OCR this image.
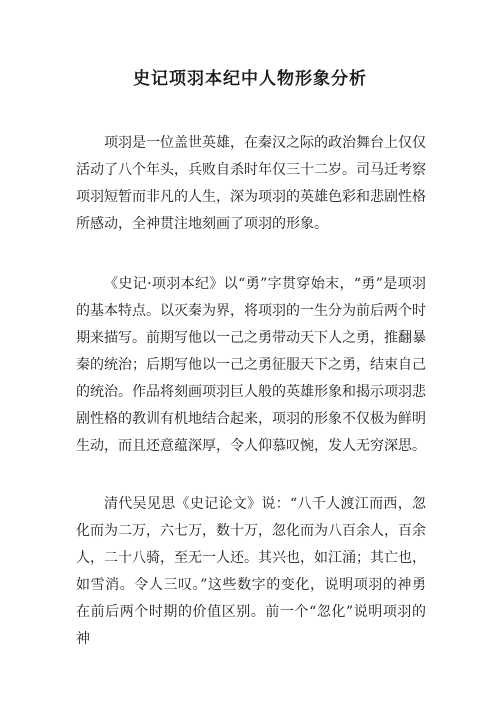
史记项羽本纪中人物形象分析

项羽是一位盖世英雄，在秦汉之际的政治舞台上仅仅活动了八个年头，兵败自杀时年仅三十二岁。司马迁考察项羽短暂而非凡的人生，深为项羽的英雄色彩和悲剧性格所感动，全神贯注地刻画了项羽的形象。

《史记·项羽本纪》以“勇”字贯穿始末，“勇”是项羽的基本特点。以灭秦为界，将项羽的一生分为前后两个时期来描写。前期写他以一己之勇带动天下人之勇，推翻暴秦的统治；后期写他以一己之勇征服天下之勇，结束自己的统治。作品将刻画项羽巨人般的英雄形象和揭示项羽悲剧性格的教训有机地结合起来，项羽的形象不仅极为鲜明生动，而且还意蕴深厚，令人仰慕叹惋，发人无穷深思。

清代吴见思《史记论文》说：“八千人渡江而西，忽化而为二万，六七万，数十万，忽化而为八百余人，百余人，二十八骑，至无一人还。其兴也，如江涌；其亡也，如雪消。令人三叹。”这些数字的变化，说明项羽的神勇在前后两个时期的价值区别。前一个“忽化”说明项羽的神
